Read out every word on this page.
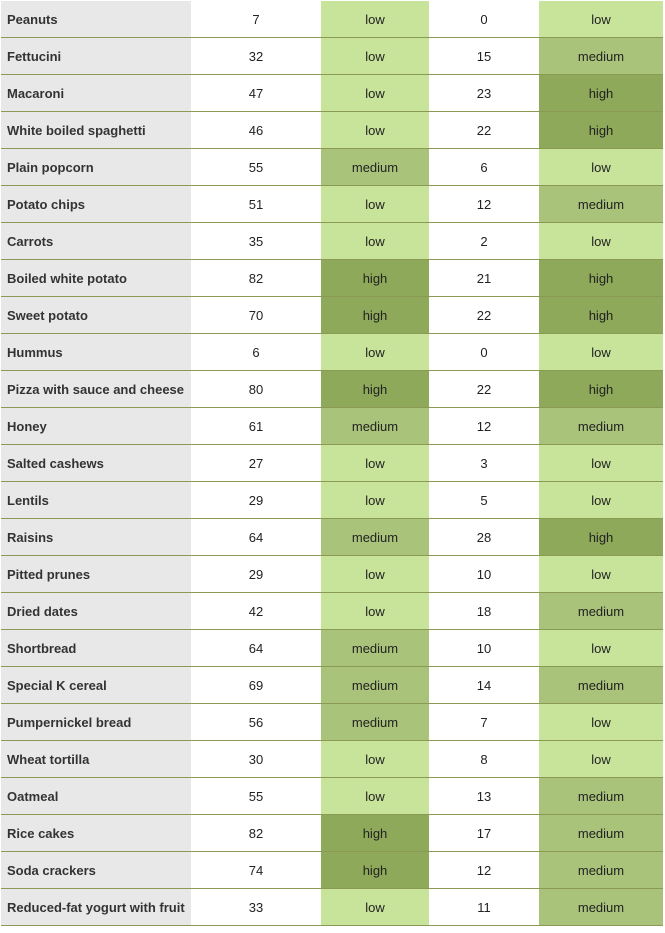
Peanuts	7	low	0	low
Fettucini	32	low	15	medium
Macaroni	47	low	23	high
White boiled spaghetti	46	low	22	high
Plain popcorn	55	medium	6	low
Potato chips	51	low	12	medium
Carrots	35	low	2	low
Boiled white potato	82	high	21	high
Sweet potato	70	high	22	high
Hummus	6	low	0	low
Pizza with sauce and cheese	80	high	22	high
Honey	61	medium	12	medium
Salted cashews	27	low	3	low
Lentils	29	low	5	low
Raisins	64	medium	28	high
Pitted prunes	29	low	10	low
Dried dates	42	low	18	medium
Shortbread	64	medium	10	low
Special K cereal	69	medium	14	medium
Pumpernickel bread	56	medium	7	low
Wheat tortilla	30	low	8	low
Oatmeal	55	low	13	medium
Rice cakes	82	high	17	medium
Soda crackers	74	high	12	medium
Reduced-fat yogurt with fruit	33	low	11	medium
